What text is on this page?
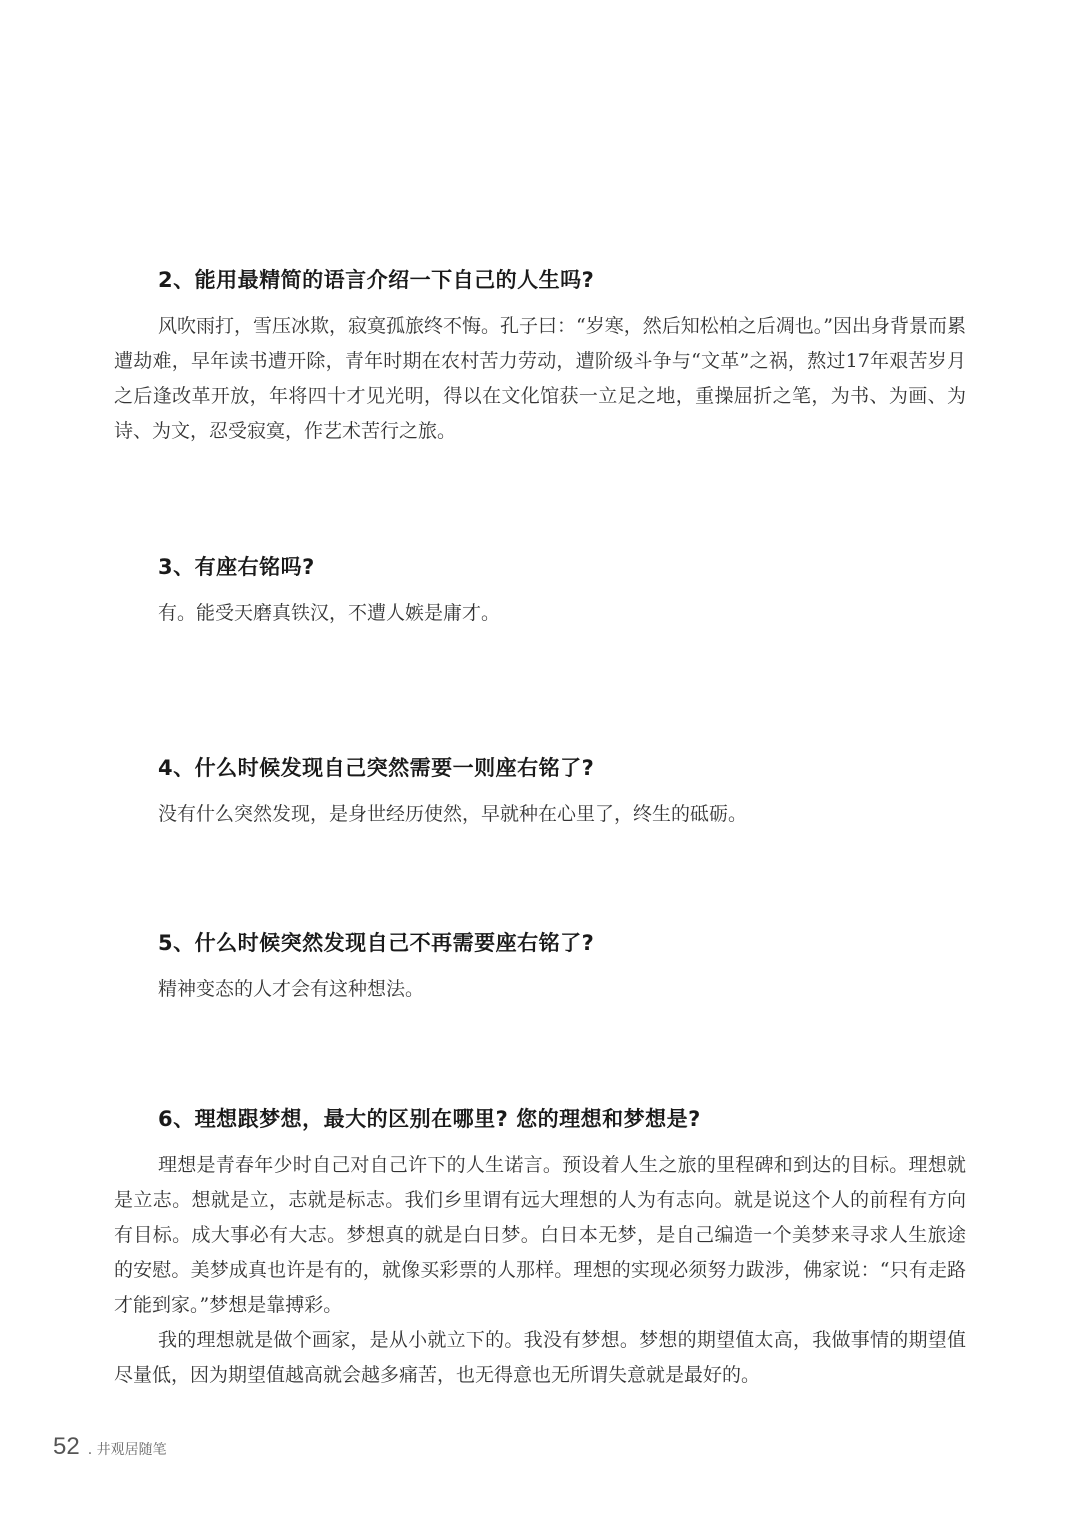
2、能用最精简的语言介绍一下自己的人生吗?

风吹雨打，雪压冰欺，寂寞孤旅终不悔。孔子曰：“岁寒，然后知松柏之后凋也。”因出身背景而累遭劫难，早年读书遭开除，青年时期在农村苦力劳动，遭阶级斗争与“文革”之祸，熬过17年艰苦岁月之后逢改革开放，年将四十才见光明，得以在文化馆获一立足之地，重操屈折之笔，为书、为画、为诗、为文，忍受寂寞，作艺术苦行之旅。

3、有座右铭吗?

有。能受天磨真铁汉，不遭人嫉是庸才。

4、什么时候发现自己突然需要一则座右铭了?

没有什么突然发现，是身世经历使然，早就种在心里了，终生的砥砺。

5、什么时候突然发现自己不再需要座右铭了?

精神变态的人才会有这种想法。

6、理想跟梦想，最大的区别在哪里? 您的理想和梦想是?

理想是青春年少时自己对自己许下的人生诺言。预设着人生之旅的里程碑和到达的目标。理想就是立志。想就是立，志就是标志。我们乡里谓有远大理想的人为有志向。就是说这个人的前程有方向有目标。成大事必有大志。梦想真的就是白日梦。白日本无梦，是自己编造一个美梦来寻求人生旅途的安慰。美梦成真也许是有的，就像买彩票的人那样。理想的实现必须努力跋涉，佛家说：“只有走路才能到家。”梦想是靠搏彩。

我的理想就是做个画家，是从小就立下的。我没有梦想。梦想的期望值太高，我做事情的期望值尽量低，因为期望值越高就会越多痛苦，也无得意也无所谓失意就是最好的。

52 . 井观居随笔
